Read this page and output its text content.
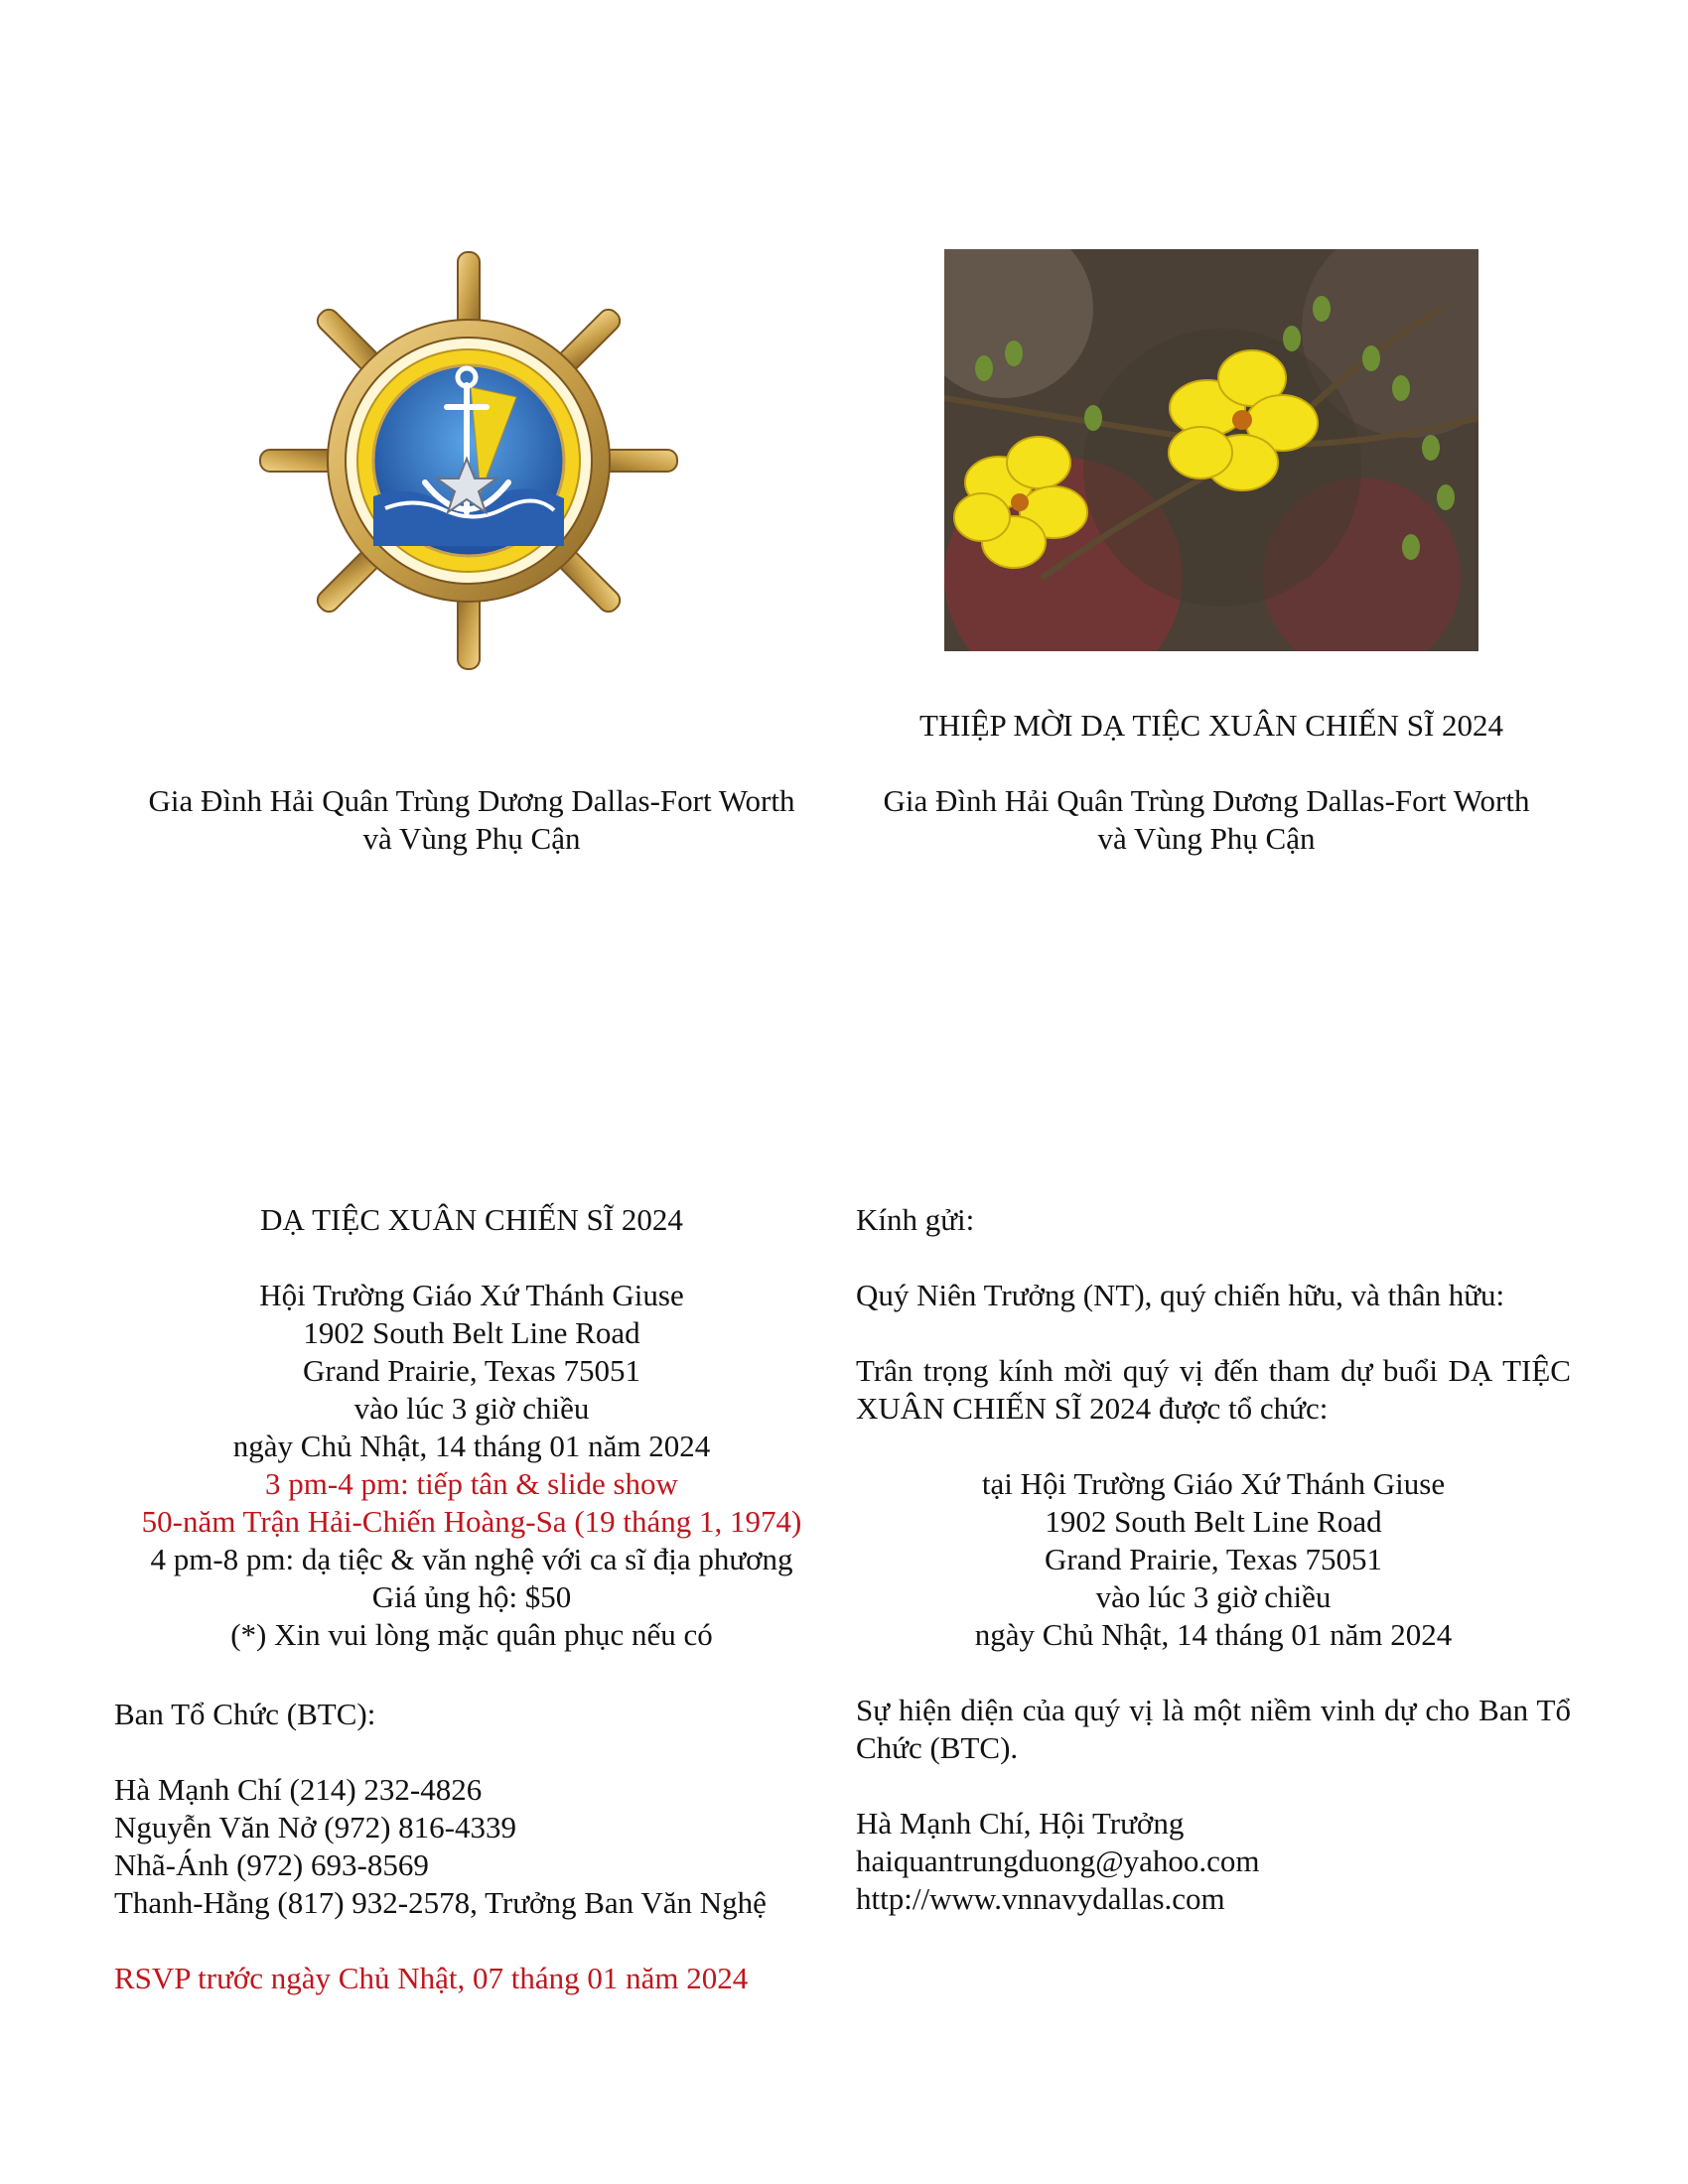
THIỆP MỜI DẠ TIỆC XUÂN CHIẾN SĨ 2024
Gia Đình Hải Quân Trùng Dương Dallas-Fort Worth
và Vùng Phụ Cận
Gia Đình Hải Quân Trùng Dương Dallas-Fort Worth
và Vùng Phụ Cận
DẠ TIỆC XUÂN CHIẾN SĨ 2024
Hội Trường Giáo Xứ Thánh Giuse
1902 South Belt Line Road
Grand Prairie, Texas 75051
vào lúc 3 giờ chiều
ngày Chủ Nhật, 14 tháng 01 năm 2024
3 pm-4 pm: tiếp tân & slide show
50-năm Trận Hải-Chiến Hoàng-Sa (19 tháng 1, 1974)
4 pm-8 pm: dạ tiệc & văn nghệ với ca sĩ địa phương
Giá ủng hộ: $50
(*) Xin vui lòng mặc quân phục nếu có
Ban Tổ Chức (BTC):
Hà Mạnh Chí (214) 232-4826
Nguyễn Văn Nở (972) 816-4339
Nhã-Ánh (972) 693-8569
Thanh-Hằng (817) 932-2578, Trưởng Ban Văn Nghệ
RSVP trước ngày Chủ Nhật, 07 tháng 01 năm 2024
Kính gửi:
Quý Niên Trưởng (NT), quý chiến hữu, và thân hữu:
Trân trọng kính mời quý vị đến tham dự buổi DẠ TIỆC XUÂN CHIẾN SĨ 2024 được tổ chức:
tại Hội Trường Giáo Xứ Thánh Giuse
1902 South Belt Line Road
Grand Prairie, Texas 75051
vào lúc 3 giờ chiều
ngày Chủ Nhật, 14 tháng 01 năm 2024
Sự hiện diện của quý vị là một niềm vinh dự cho Ban Tổ Chức (BTC).
Hà Mạnh Chí, Hội Trưởng
haiquantrungduong@yahoo.com
http://www.vnnavydallas.com
